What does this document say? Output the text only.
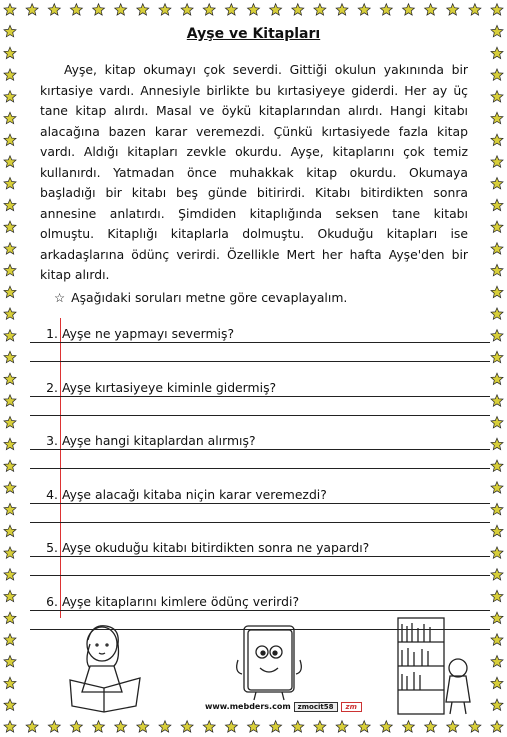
Ayşe ve Kitapları
Ayşe, kitap okumayı çok severdi. Gittiği okulun yakınında bir kırtasiye vardı. Annesiyle birlikte bu kırtasiyeye giderdi. Her ay üç tane kitap alırdı. Masal ve öykü kitaplarından alırdı. Hangi kitabı alacağına bazen karar veremezdi. Çünkü kırtasiyede fazla kitap vardı. Aldığı kitapları zevkle okurdu. Ayşe, kitaplarını çok temiz kullanırdı. Yatmadan önce muhakkak kitap okurdu. Okumaya başladığı bir kitabı beş günde bitirirdi. Kitabı bitirdikten sonra annesine anlatırdı. Şimdiden kitaplığında seksen tane kitabı olmuştu. Kitaplığı kitaplarla dolmuştu. Okuduğu kitapları ise arkadaşlarına ödünç verirdi. Özellikle Mert her hafta Ayşe'den bir kitap alırdı.
☆ Aşağıdaki soruları metne göre cevaplayalım.
1. Ayşe ne yapmayı severmiş?
2. Ayşe kırtasiyeye kiminle gidermiş?
3. Ayşe hangi kitaplardan alırmış?
4. Ayşe alacağı kitaba niçin karar veremezdi?
5. Ayşe okuduğu kitabı bitirdikten sonra ne yapardı?
6. Ayşe kitaplarını kimlere ödünç verirdi?
www.mebders.com zmocit58 zm
